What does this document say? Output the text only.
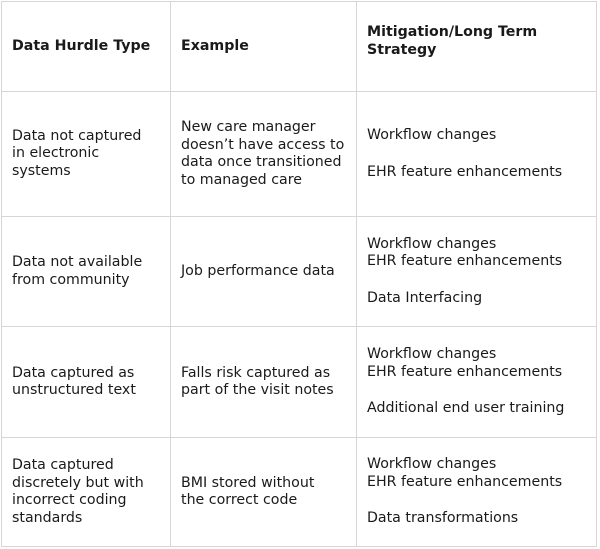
Data Hurdle Type	Example
Mitigation/Long Term
Strategy
Data not captured
in electronic
systems
New care manager
doesn’t have access to
data once transitioned
to managed care
Workflow changes
EHR feature enhancements
Data not available
from community
Job performance data
Workflow changes
EHR feature enhancements
Data Interfacing
Data captured as
unstructured text
Falls risk captured as
part of the visit notes
Workflow changes
EHR feature enhancements
Additional end user training
Data captured
discretely but with
incorrect coding
standards
BMI stored without
the correct code
Workflow changes
EHR feature enhancements
Data transformations
